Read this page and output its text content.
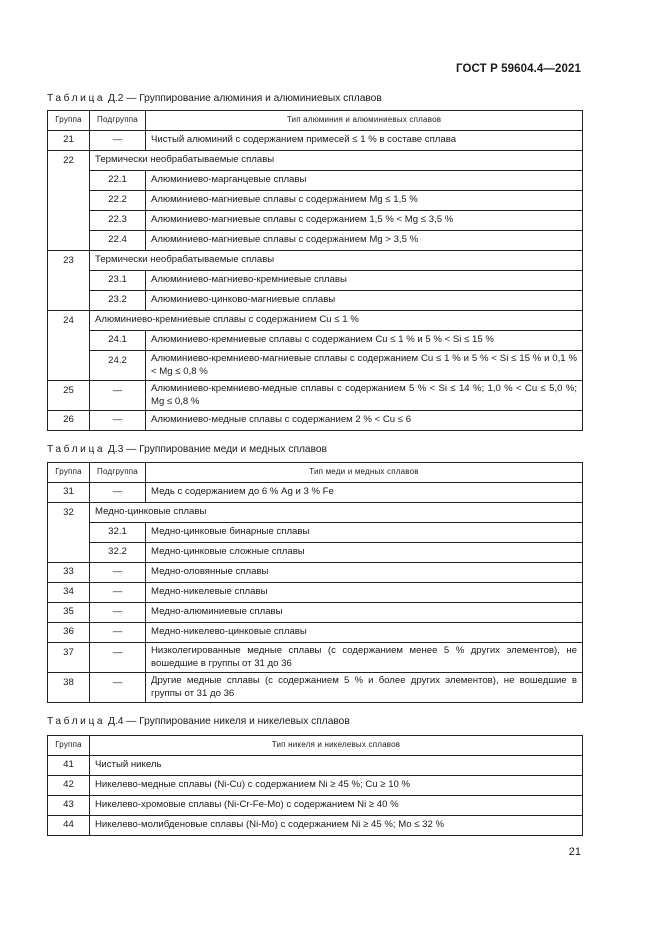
ГОСТ Р 59604.4—2021
Таблица Д.2 — Группирование алюминия и алюминиевых сплавов
Группа	Подгруппа	Тип алюминия и алюминиевых сплавов
21	—	Чистый алюминий с содержанием примесей ≤ 1 % в составе сплава
22	Термически необрабатываемые сплавы	
	22.1	Алюминиево-марганцевые сплавы
	22.2	Алюминиево-магниевые сплавы с содержанием Mg ≤ 1,5 %
	22.3	Алюминиево-магниевые сплавы с содержанием 1,5 % < Mg ≤ 3,5 %
	22.4	Алюминиево-магниевые сплавы с содержанием Mg > 3,5 %
23	Термически необрабатываемые сплавы	
	23.1	Алюминиево-магниево-кремниевые сплавы
	23.2	Алюминиево-цинково-магниевые сплавы
24	Алюминиево-кремниевые сплавы с содержанием Cu ≤ 1 %	
	24.1	Алюминиево-кремниевые сплавы с содержанием Cu ≤ 1 % и 5 % < Si ≤ 15 %
	24.2	Алюминиево-кремниево-магниевые сплавы с содержанием Cu ≤ 1 % и 5 % < Si ≤ 15 % и 0,1 % < Mg ≤ 0,8 %
25	—	Алюминиево-кремниево-медные сплавы с содержанием 5 % < Si ≤ 14 %; 1,0 % < Cu ≤ 5,0 %; Mg ≤ 0,8 %
26	—	Алюминиево-медные сплавы с содержанием 2 % < Cu ≤ 6
Таблица Д.3 — Группирование меди и медных сплавов
Группа	Подгруппа	Тип меди и медных сплавов
31	—	Медь с содержанием до 6 % Ag и 3 % Fe
32	Медно-цинковые сплавы	
	32.1	Медно-цинковые бинарные сплавы
	32.2	Медно-цинковые сложные сплавы
33	—	Медно-оловянные сплавы
34	—	Медно-никелевые сплавы
35	—	Медно-алюминиевые сплавы
36	—	Медно-никелево-цинковые сплавы
37	—	Низколегированные медные сплавы (с содержанием менее 5 % других элементов), не вошедшие в группы от 31 до 36
38	—	Другие медные сплавы (с содержанием 5 % и более других элементов), не вошедшие в группы от 31 до 36
Таблица Д.4 — Группирование никеля и никелевых сплавов
Группа	Тип никеля и никелевых сплавов
41	Чистый никель
42	Никелево-медные сплавы (Ni-Cu) с содержанием Ni ≥ 45 %; Cu ≥ 10 %
43	Никелево-хромовые сплавы (Ni-Cr-Fe-Mo) с содержанием Ni ≥ 40 %
44	Никелево-молибденовые сплавы (Ni-Mo) с содержанием Ni ≥ 45 %; Mo ≤ 32 %
21
